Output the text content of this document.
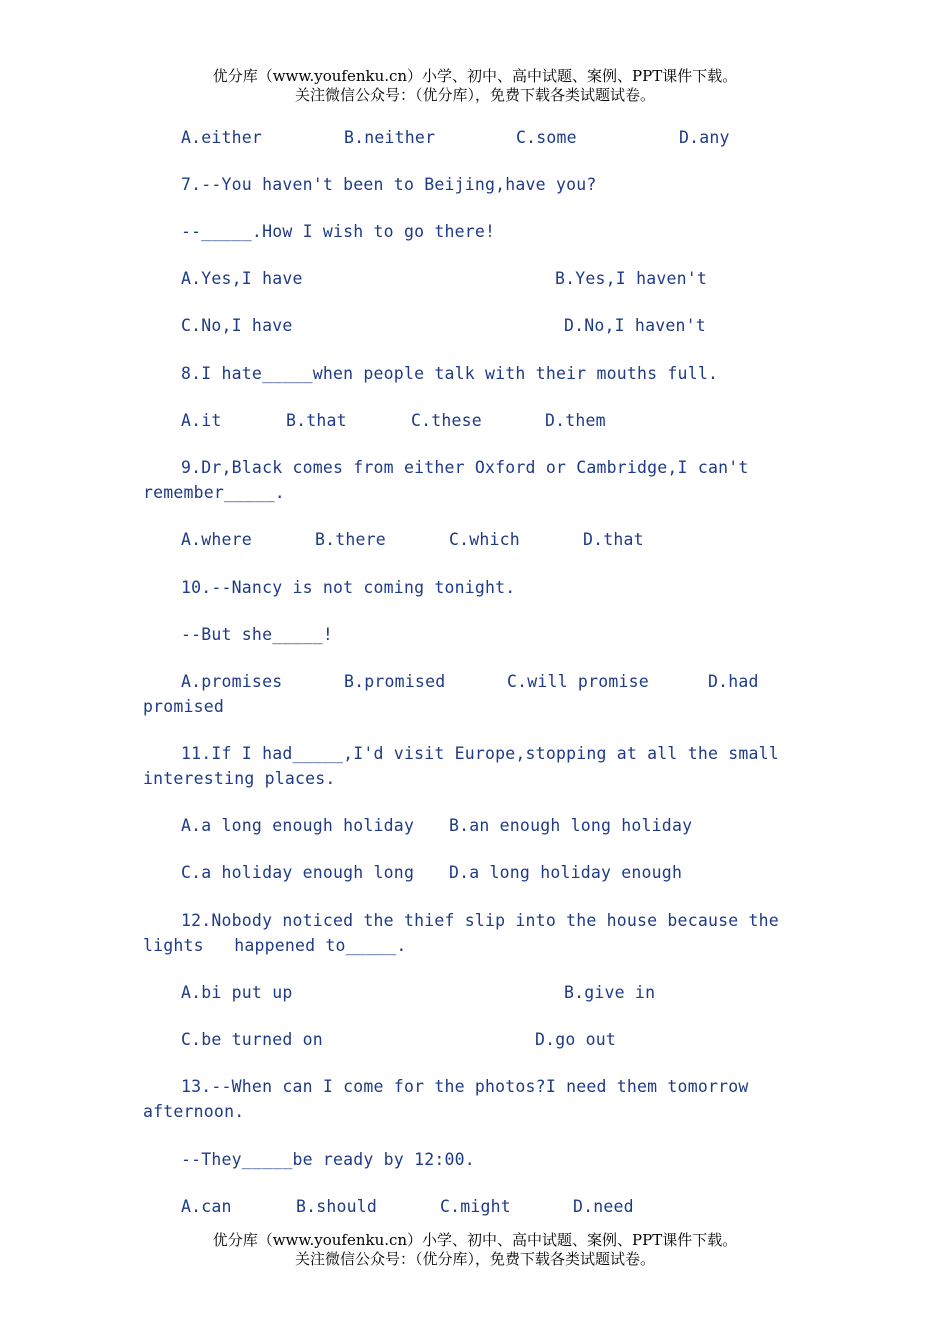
优分库（www.youfenku.cn）小学、初中、高中试题、案例、PPT课件下载。
关注微信公众号：（优分库），免费下载各类试题试卷。
A.either	B.neither	C.some	D.any
7.--You haven't been to Beijing,have you?
--_____.How I wish to go there!
A.Yes,I have	B.Yes,I haven't
C.No,I have	D.No,I haven't
8.I hate_____when people talk with their mouths full.
A.it	B.that	C.these	D.them
9.Dr,Black comes from either Oxford or Cambridge,I can't
remember_____.
A.where	B.there	C.which	D.that
10.--Nancy is not coming tonight.
--But she_____!
A.promises	B.promised	C.will promise	D.had
promised
11.If I had_____,I'd visit Europe,stopping at all the small
interesting places.
A.a long enough holiday B.an enough long holiday
C.a holiday enough long D.a long holiday enough
12.Nobody noticed the thief slip into the house because the
lights   happened to_____.
A.bi put up	B.give in
C.be turned on	D.go out
13.--When can I come for the photos?I need them tomorrow
afternoon.
--They_____be ready by 12:00.
A.can	B.should	C.might	D.need
优分库（www.youfenku.cn）小学、初中、高中试题、案例、PPT课件下载。
关注微信公众号：（优分库），免费下载各类试题试卷。
